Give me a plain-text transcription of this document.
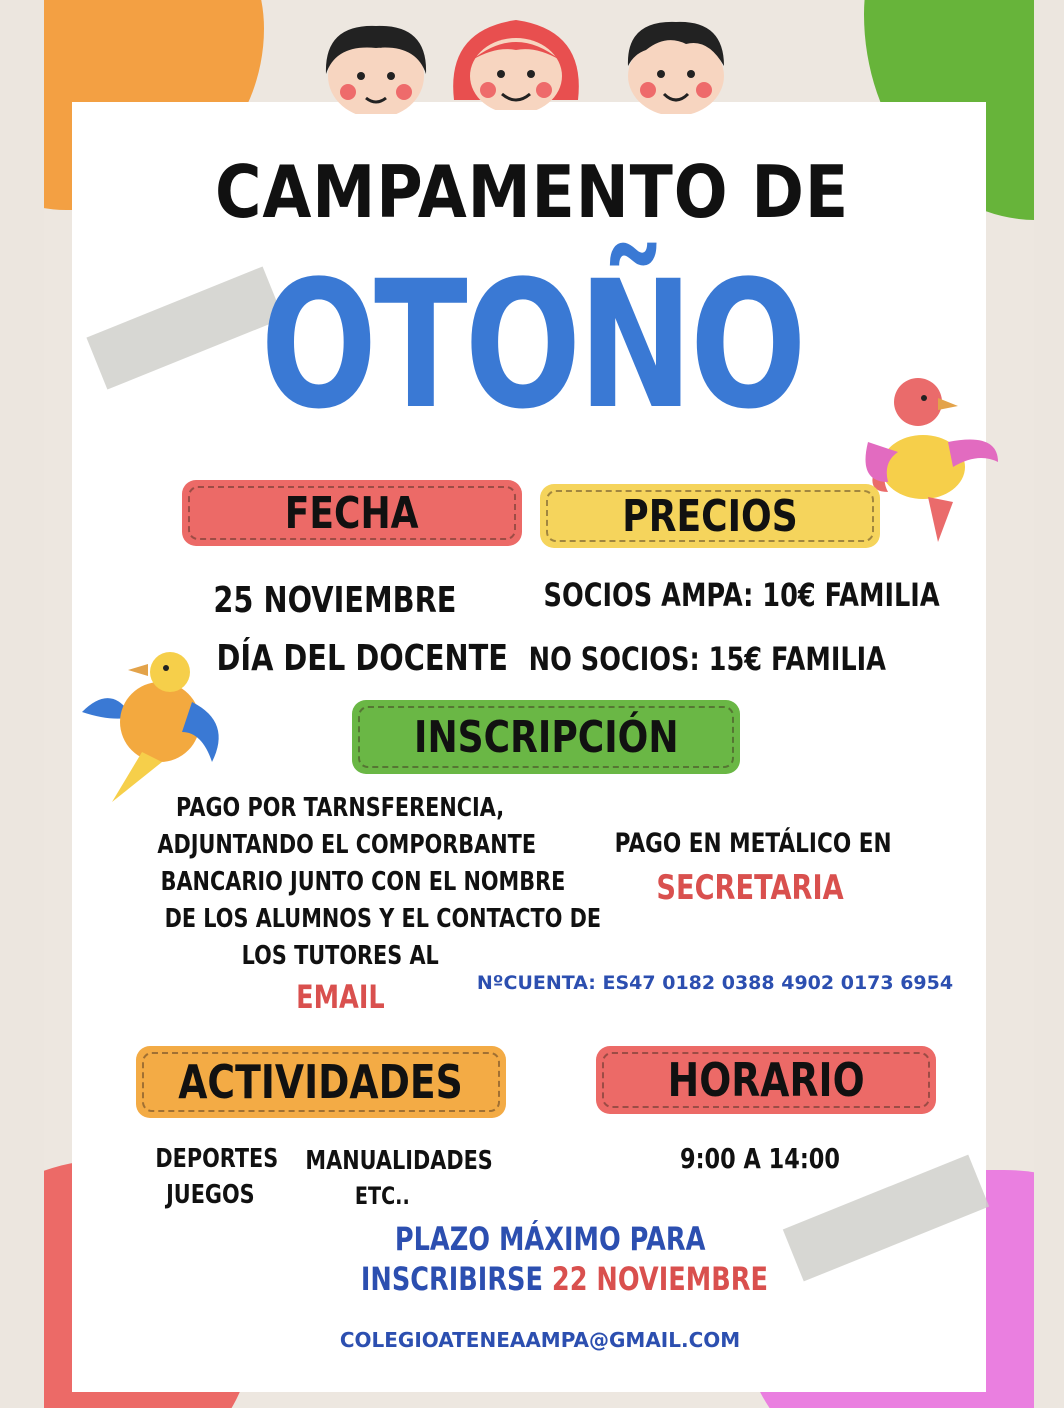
CAMPAMENTO DE
OTOÑO
FECHA	PRECIOS
25 NOVIEMBRE
DÍA DEL DOCENTE
SOCIOS AMPA: 10€ FAMILIA
NO SOCIOS: 15€ FAMILIA
INSCRIPCIÓN
PAGO POR TARNSFERENCIA,
ADJUNTANDO EL COMPORBANTE
BANCARIO JUNTO CON EL NOMBRE
DE LOS ALUMNOS Y EL CONTACTO DE
LOS TUTORES AL
EMAIL
PAGO EN METÁLICO EN
SECRETARIA
NºCUENTA: ES47 0182 0388 4902 0173 6954
ACTIVIDADES	HORARIO
DEPORTES
JUEGOS
MANUALIDADES
ETC..
9:00 A 14:00
PLAZO MÁXIMO PARA
INSCRIBIRSE 22 NOVIEMBRE
COLEGIOATENEAAMPA@GMAIL.COM
